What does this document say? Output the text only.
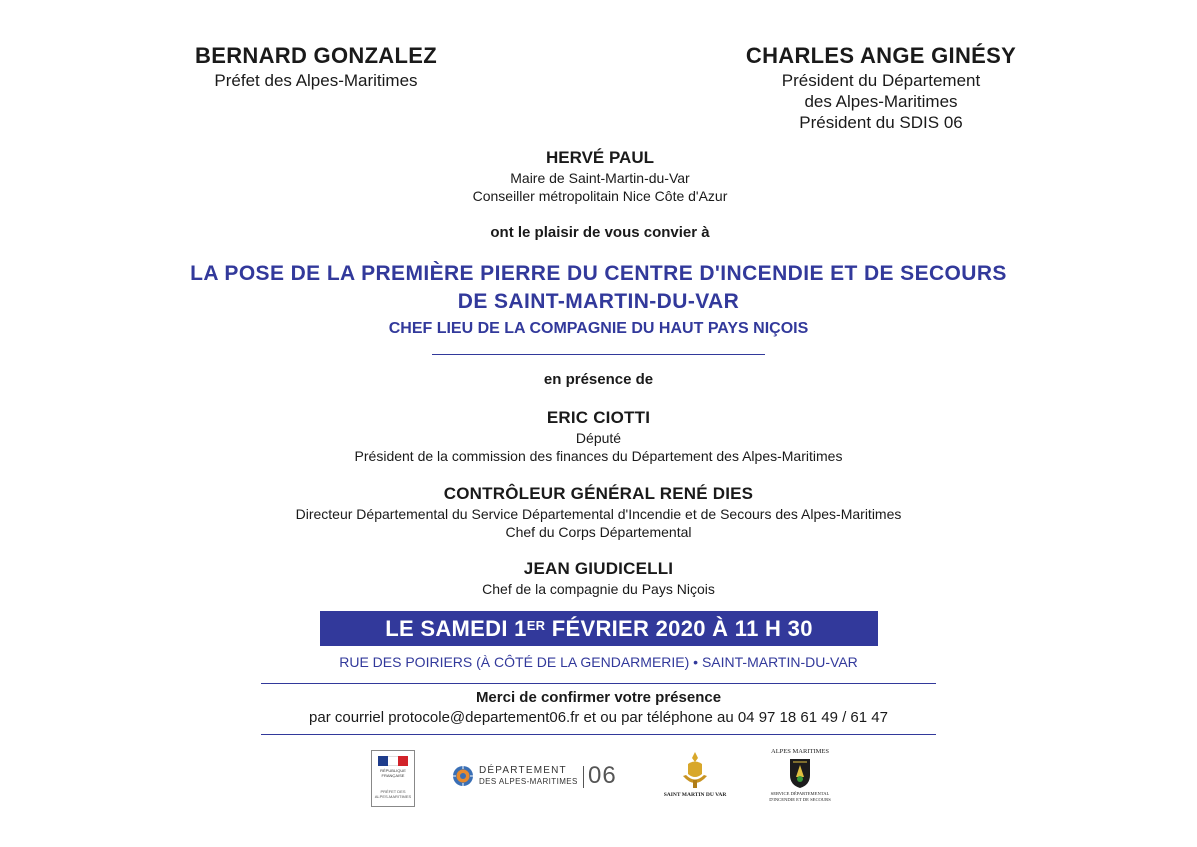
BERNARD GONZALEZ
Préfet des Alpes-Maritimes
CHARLES ANGE GINÉSY
Président du Département
des Alpes-Maritimes
Président du SDIS 06
HERVÉ PAUL
Maire de Saint-Martin-du-Var
Conseiller métropolitain Nice Côte d'Azur
ont le plaisir de vous convier à
LA POSE DE LA PREMIÈRE PIERRE DU CENTRE D'INCENDIE ET DE SECOURS
DE SAINT-MARTIN-DU-VAR
CHEF LIEU DE LA COMPAGNIE DU HAUT PAYS NIÇOIS
en présence de
ERIC CIOTTI
Député
Président de la commission des finances du Département des Alpes-Maritimes
CONTRÔLEUR GÉNÉRAL RENÉ DIES
Directeur Départemental du Service Départemental d'Incendie et de Secours des Alpes-Maritimes
Chef du Corps Départemental
JEAN GIUDICELLI
Chef de la compagnie du Pays Niçois
LE SAMEDI 1ER FÉVRIER 2020 À 11 H 30
RUE DES POIRIERS (À CÔTÉ DE LA GENDARMERIE) • SAINT-MARTIN-DU-VAR
Merci de confirmer votre présence
par courriel protocole@departement06.fr et ou par téléphone au 04 97 18 61 49 / 61 47
RÉPUBLIQUE FRANÇAISE
PRÉFET DES ALPES-MARITIMES
DÉPARTEMENT
DES ALPES-MARITIMES 06
SAINT MARTIN DU VAR
ALPES MARITIMES
SERVICE DÉPARTEMENTAL
D'INCENDIE ET DE SECOURS
